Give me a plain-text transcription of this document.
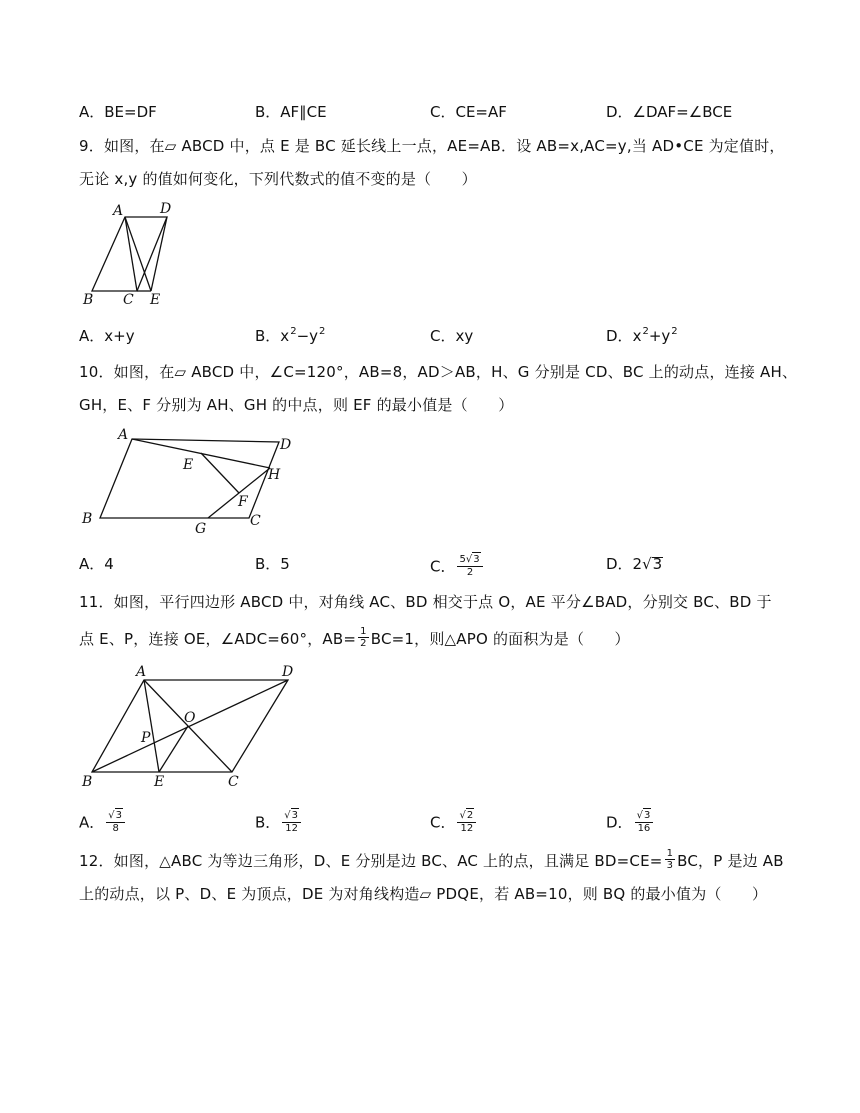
A．BE=DF	B．AF∥CE	C．CE=AF	D．∠DAF=∠BCE
9．如图，在▱ ABCD 中，点 E 是 BC 延长线上一点，AE=AB．设 AB=x,AC=y,当 AD•CE 为定值时，
无论 x,y 的值如何变化，下列代数式的值不变的是（　　）
A	D
B C E
A．x+y	B．$x^2-y^2$	C．xy	D．$x^2+y^2$
10．如图，在▱ ABCD 中，∠C=120°，AB=8，AD＞AB，H、G 分别是 CD、BC 上的动点，连接 AH、
GH，E、F 分别为 AH、GH 的中点，则 EF 的最小值是（　　）
A
D
E
H
F
B
G	C
A．4	B．5	C． $\frac{5√3}{2}$	D．2√3
11．如图，平行四边形 ABCD 中，对角线 AC、BD 相交于点 O，AE 平分∠BAD，分别交 BC、BD 于
点 E、P，连接 OE，∠ADC=60°，$AB= \frac{1}{2} BC=1$，则△APO 的面积为是（　　）
A	D
O
P
B	E	C
A． $\frac{√3}{8}$	B． $\frac{√3}{12}$	C． $\frac{√2}{12}$	D． $\frac{√3}{16}$
12．如图，△ABC 为等边三角形，D、E 分别是边 BC、AC 上的点，且满足 $BD=CE= \frac{1}{3}$ BC，P 是边 AB
上的动点，以 P、D、E 为顶点，DE 为对角线构造▱ PDQE，若 AB=10，则 BQ 的最小值为（　　）
